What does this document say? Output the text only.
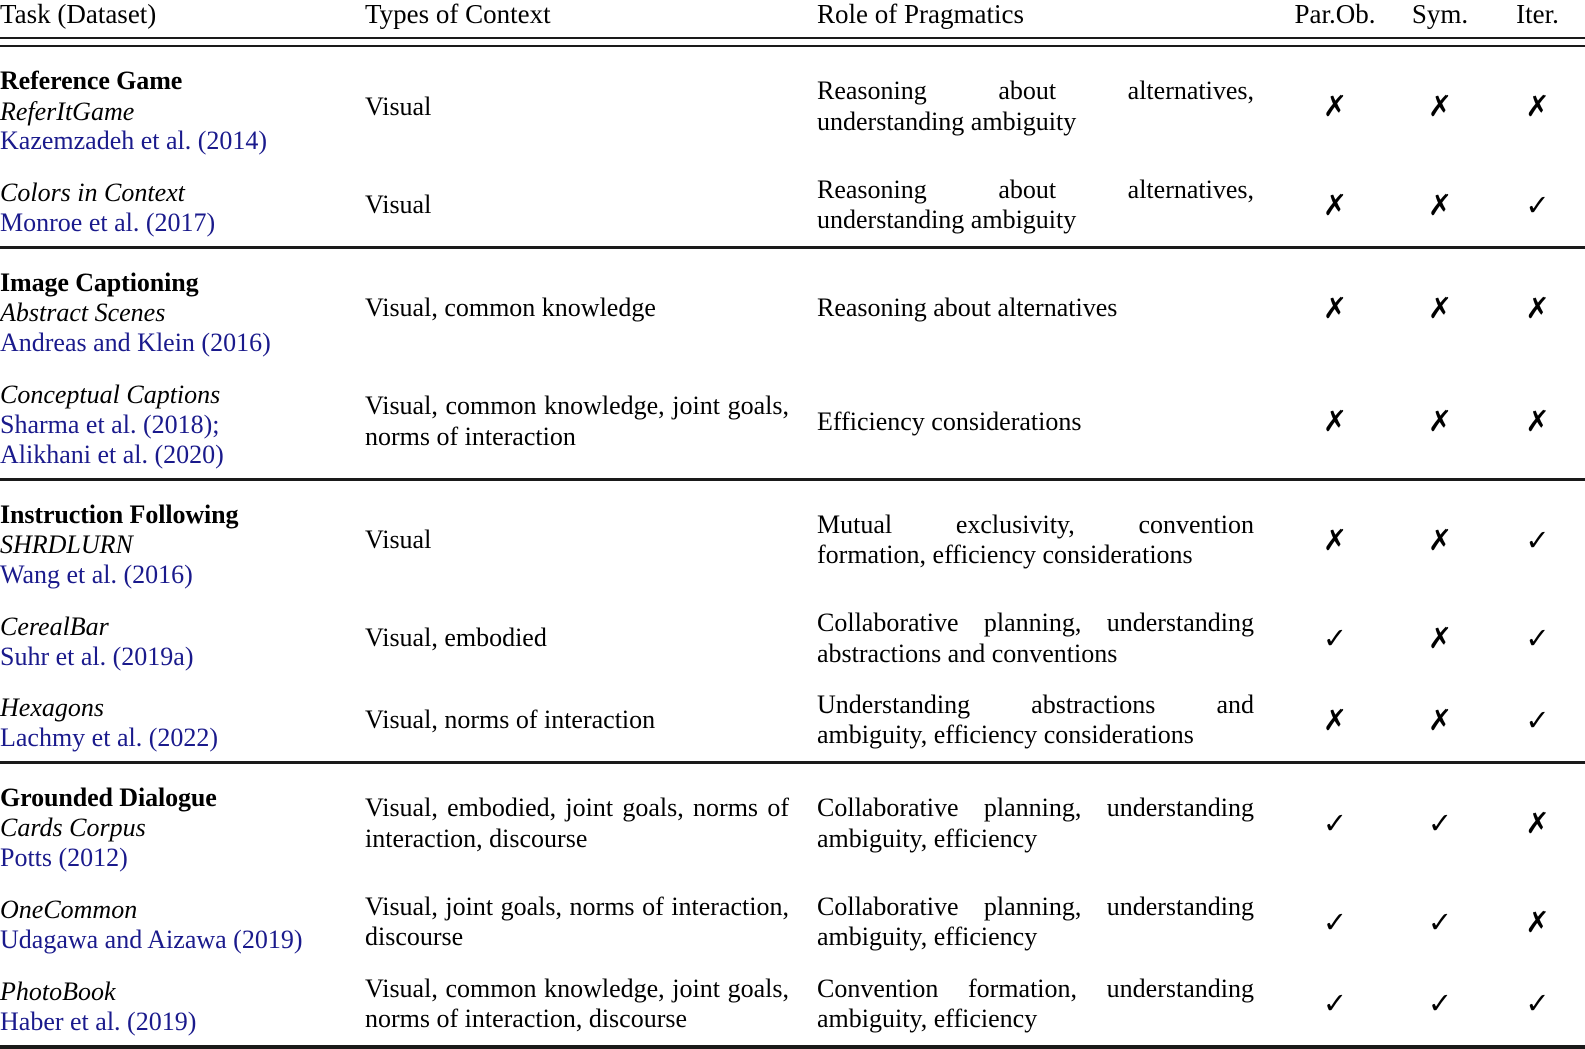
Task (Dataset)	Types of Context	Role of Pragmatics	Par.Ob.	Sym.	Iter.

Reference Game
ReferItGame
Kazemzadeh et al. (2014)	Visual	Reasoning about alternatives, understanding ambiguity	✗	✗	✗

Colors in Context
Monroe et al. (2017)	Visual	Reasoning about alternatives, understanding ambiguity	✗	✗	✓

Image Captioning
Abstract Scenes
Andreas and Klein (2016)	Visual, common knowledge	Reasoning about alternatives	✗	✗	✗

Conceptual Captions
Sharma et al. (2018);
Alikhani et al. (2020)	Visual, common knowledge, joint goals, norms of interaction	Efficiency considerations	✗	✗	✗

Instruction Following
SHRDLURN
Wang et al. (2016)	Visual	Mutual exclusivity, convention formation, efficiency considerations	✗	✗	✓

CerealBar
Suhr et al. (2019a)	Visual, embodied	Collaborative planning, understanding abstractions and conventions	✓	✗	✓

Hexagons
Lachmy et al. (2022)	Visual, norms of interaction	Understanding abstractions and ambiguity, efficiency considerations	✗	✗	✓

Grounded Dialogue
Cards Corpus
Potts (2012)	Visual, embodied, joint goals, norms of interaction, discourse	Collaborative planning, understanding ambiguity, efficiency	✓	✓	✗

OneCommon
Udagawa and Aizawa (2019)	Visual, joint goals, norms of interaction, discourse	Collaborative planning, understanding ambiguity, efficiency	✓	✓	✗

PhotoBook
Haber et al. (2019)	Visual, common knowledge, joint goals, norms of interaction, discourse	Convention formation, understanding ambiguity, efficiency	✓	✓	✓
